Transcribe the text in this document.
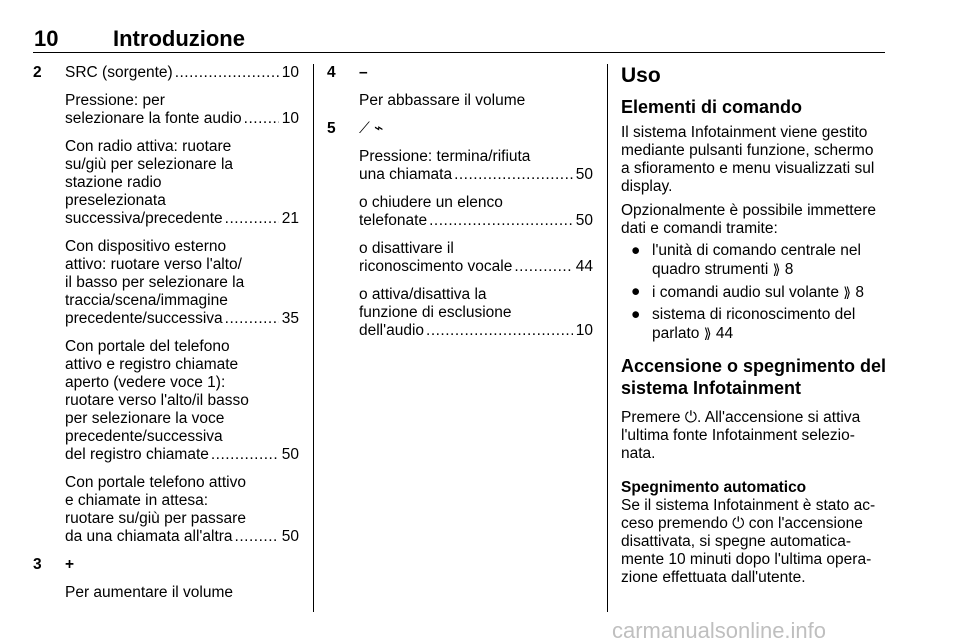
10 Introduzione
2 SRC (sorgente) .....	10
Pressione: per
selezionare la fonte audio .....	10
Con radio attiva: ruotare
su/giù per selezionare la
stazione radio
preselezionata
successiva/precedente .....	21
Con dispositivo esterno
attivo: ruotare verso l'alto/
il basso per selezionare la
traccia/scena/immagine
precedente/successiva .....	35
Con portale del telefono
attivo e registro chiamate
aperto (vedere voce 1):
ruotare verso l'alto/il basso
per selezionare la voce
precedente/successiva
del registro chiamate .....	50
Con portale telefono attivo
e chiamate in attesa:
ruotare su/giù per passare
da una chiamata all'altra .....	50
3	+
Per aumentare il volume
4	–
Per abbassare il volume
5	⟋ ⌁
Pressione: termina/rifiuta
una chiamata .....	50
o chiudere un elenco
telefonate .....	50
o disattivare il
riconoscimento vocale .....	44
o attiva/disattiva la
funzione di esclusione
dell'audio .....	10
Uso
Elementi di comando
Il sistema Infotainment viene gestito
mediante pulsanti funzione, schermo
a sfioramento e menu visualizzati sul
display.
Opzionalmente è possibile immettere
dati e comandi tramite:
● l'unità di comando centrale nel
quadro strumenti ⟫ 8
● i comandi audio sul volante ⟫ 8
● sistema di riconoscimento del
parlato ⟫ 44
Accensione o spegnimento del
sistema Infotainment
Premere ⏻. All'accensione si attiva
l'ultima fonte Infotainment selezio-
nata.
Spegnimento automatico
Se il sistema Infotainment è stato ac-
ceso premendo ⏻ con l'accensione
disattivata, si spegne automatica-
mente 10 minuti dopo l'ultima opera-
zione effettuata dall'utente.
carmanualsonline.info
